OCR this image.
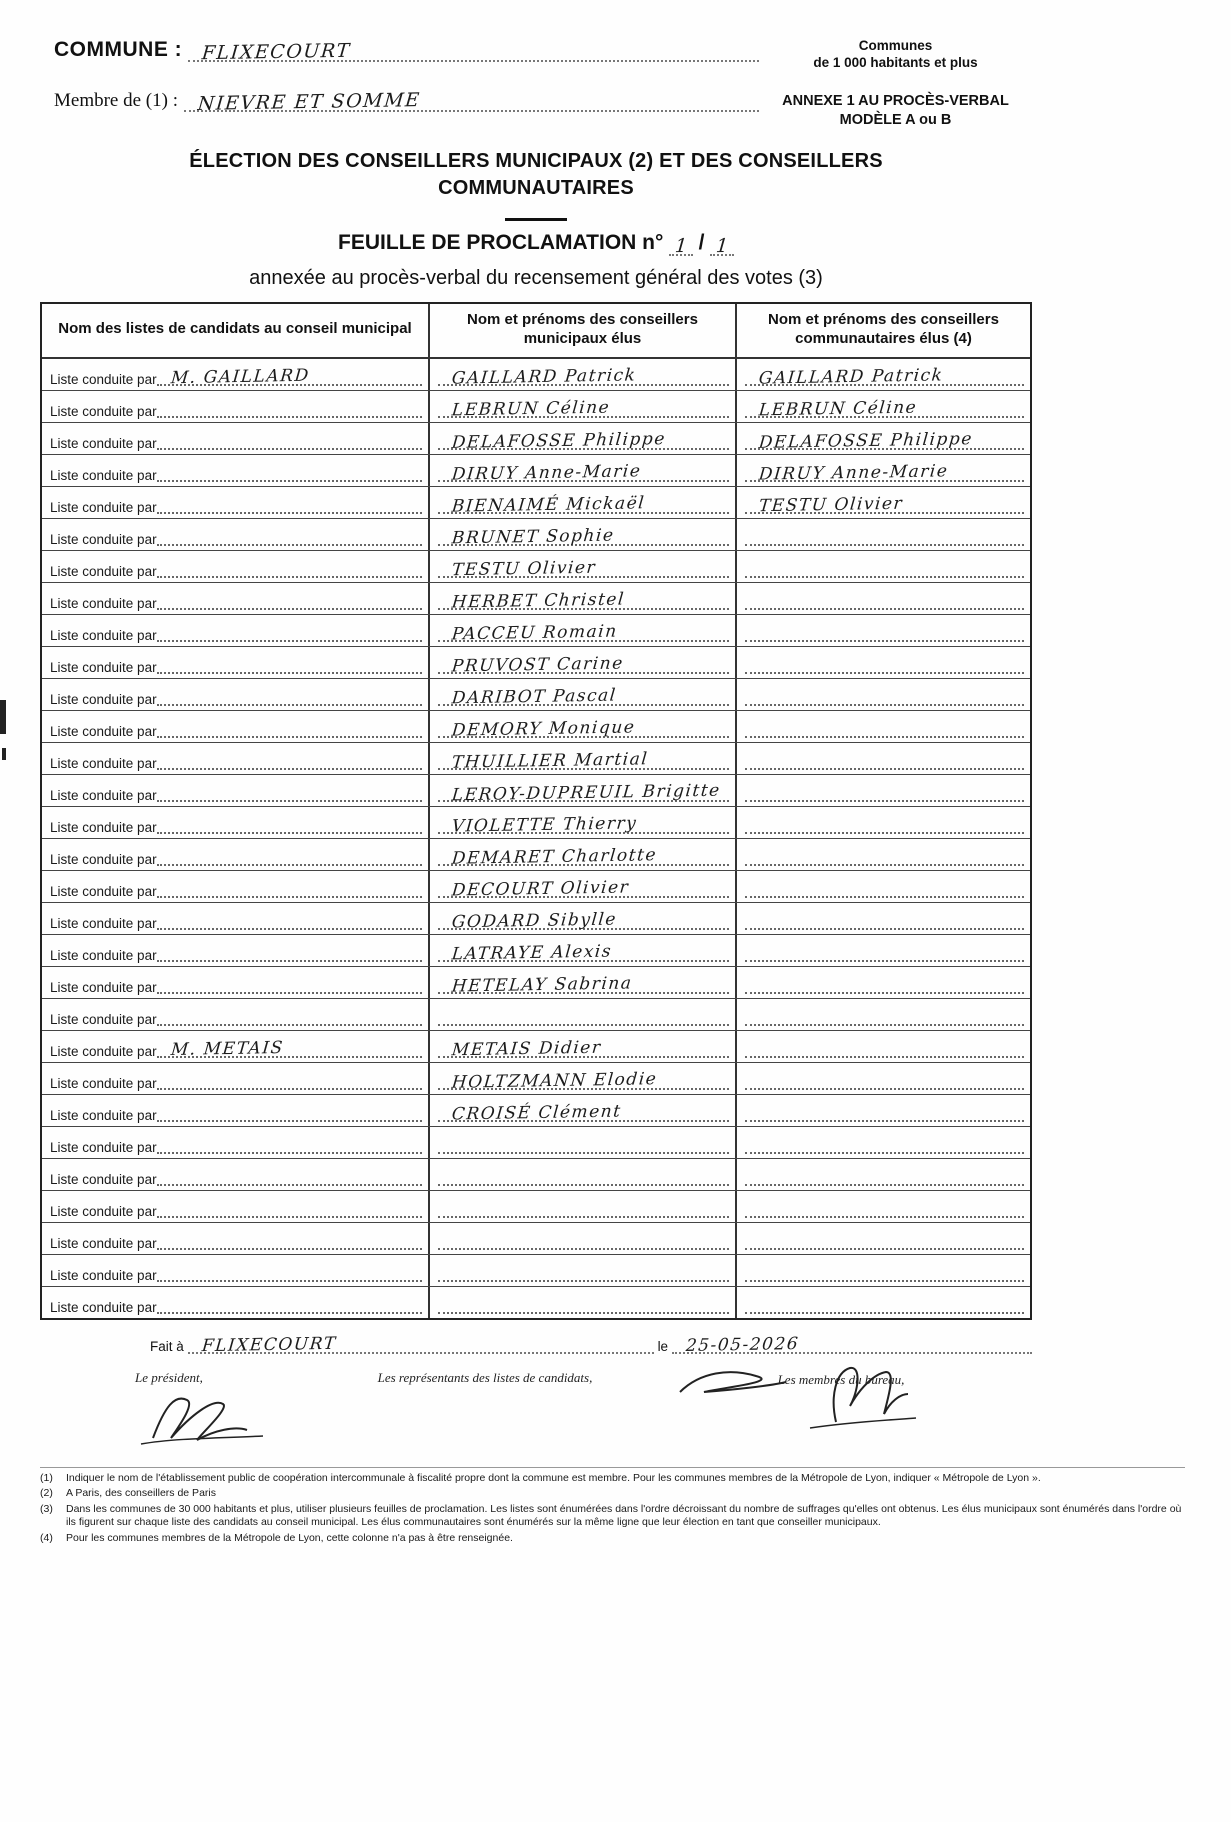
COMMUNE : FLIXECOURT
Membre de (1) : NIEVRE ET SOMME
Communes
de 1 000 habitants et plus
ANNEXE 1 AU PROCÈS-VERBAL
MODÈLE A ou B
ÉLECTION DES CONSEILLERS MUNICIPAUX (2) ET DES CONSEILLERS
COMMUNAUTAIRES
FEUILLE DE PROCLAMATION n° 1 / 1
annexée au procès-verbal du recensement général des votes (3)
Nom des listes de candidats au conseil municipal
Nom et prénoms des conseillers municipaux élus
Nom et prénoms des conseillers communautaires élus (4)
Liste conduite par M. GAILLARD	GAILLARD Patrick	GAILLARD Patrick
Liste conduite par	LEBRUN Céline	LEBRUN Céline
Liste conduite par	DELAFOSSE Philippe	DELAFOSSE Philippe
Liste conduite par	DIRUY Anne-Marie	DIRUY Anne-Marie
Liste conduite par	BIENAIMÉ Mickaël	TESTU Olivier
Liste conduite par	BRUNET Sophie
Liste conduite par	TESTU Olivier
Liste conduite par	HERBET Christel
Liste conduite par	PACCEU Romain
Liste conduite par	PRUVOST Carine
Liste conduite par	DARIBOT Pascal
Liste conduite par	DEMORY Monique
Liste conduite par	THUILLIER Martial
Liste conduite par	LEROY-DUPREUIL Brigitte
Liste conduite par	VIOLETTE Thierry
Liste conduite par	DEMARET Charlotte
Liste conduite par	DECOURT Olivier
Liste conduite par	GODARD Sibylle
Liste conduite par	LATRAYE Alexis
Liste conduite par	HETELAY Sabrina
Liste conduite par
Liste conduite par M. METAIS	METAIS Didier
Liste conduite par	HOLTZMANN Elodie
Liste conduite par	CROISÉ Clément
Liste conduite par
Liste conduite par
Liste conduite par
Liste conduite par
Liste conduite par
Liste conduite par
Fait à FLIXECOURT	le 25-05-2026
Le président,	Les représentants des listes de candidats,	Les membres du bureau,
(1)	Indiquer le nom de l'établissement public de coopération intercommunale à fiscalité propre dont la commune est membre. Pour les communes membres de la Métropole de Lyon, indiquer « Métropole de Lyon ».
(2)	A Paris, des conseillers de Paris
(3)	Dans les communes de 30 000 habitants et plus, utiliser plusieurs feuilles de proclamation. Les listes sont énumérées dans l'ordre décroissant du nombre de suffrages qu'elles ont obtenus. Les élus municipaux sont énumérés dans l'ordre où ils figurent sur chaque liste des candidats au conseil municipal. Les élus communautaires sont énumérés sur la même ligne que leur élection en tant que conseiller municipaux.
(4)	Pour les communes membres de la Métropole de Lyon, cette colonne n'a pas à être renseignée.
